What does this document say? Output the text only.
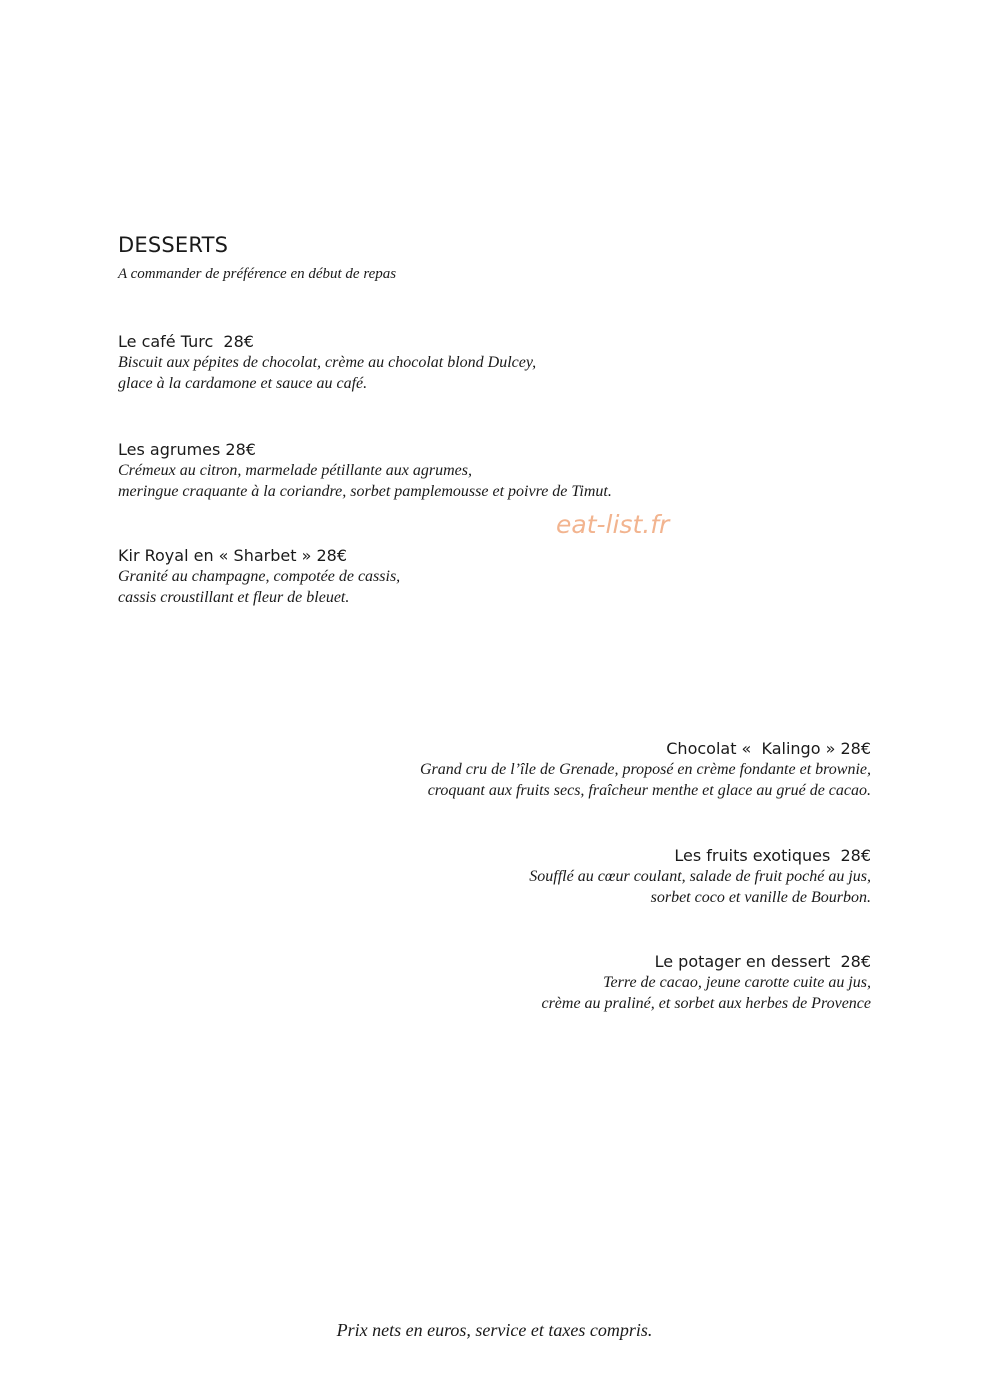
DESSERTS
A commander de préférence en début de repas
Le café Turc  28€
Biscuit aux pépites de chocolat, crème au chocolat blond Dulcey,
glace à la cardamone et sauce au café.
Les agrumes 28€
Crémeux au citron, marmelade pétillante aux agrumes,
meringue craquante à la coriandre, sorbet pamplemousse et poivre de Timut.
eat-list.fr
Kir Royal en « Sharbet » 28€
Granité au champagne, compotée de cassis,
cassis croustillant et fleur de bleuet.
Chocolat «  Kalingo » 28€
Grand cru de l’île de Grenade, proposé en crème fondante et brownie,
croquant aux fruits secs, fraîcheur menthe et glace au grué de cacao.
Les fruits exotiques  28€
Soufflé au cœur coulant, salade de fruit poché au jus,
sorbet coco et vanille de Bourbon.
Le potager en dessert  28€
Terre de cacao, jeune carotte cuite au jus,
crème au praliné, et sorbet aux herbes de Provence
Prix nets en euros, service et taxes compris.
